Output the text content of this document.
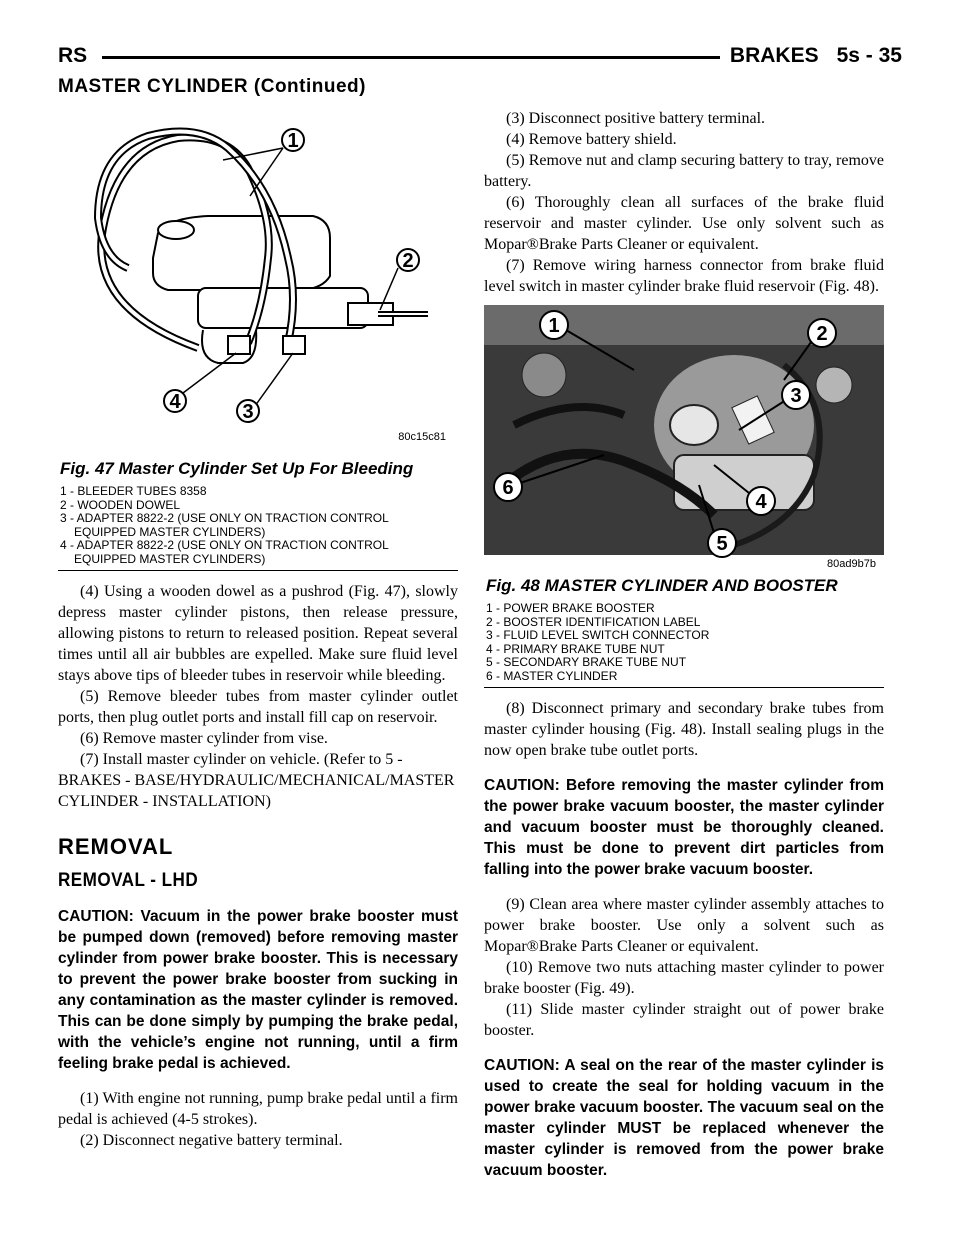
RS	BRAKES 5s - 35
MASTER CYLINDER (Continued)
1
2
3
4
80c15c81
Fig. 47 Master Cylinder Set Up For Bleeding
1 - BLEEDER TUBES 8358
2 - WOODEN DOWEL
3 - ADAPTER 8822-2 (USE ONLY ON TRACTION CONTROL
EQUIPPED MASTER CYLINDERS)
4 - ADAPTER 8822-2 (USE ONLY ON TRACTION CONTROL
EQUIPPED MASTER CYLINDERS)

(4) Using a wooden dowel as a pushrod (Fig. 47), slowly depress master cylinder pistons, then release pressure, allowing pistons to return to released position. Repeat several times until all air bubbles are expelled. Make sure fluid level stays above tips of bleeder tubes in reservoir while bleeding.

(5) Remove bleeder tubes from master cylinder outlet ports, then plug outlet ports and install fill cap on reservoir.

(6) Remove master cylinder from vise.

(7) Install master cylinder on vehicle. (Refer to 5 - BRAKES - BASE/HYDRAULIC/MECHANICAL/MASTER CYLINDER - INSTALLATION)

REMOVAL
REMOVAL - LHD
CAUTION: Vacuum in the power brake booster must be pumped down (removed) before removing master cylinder from power brake booster. This is necessary to prevent the power brake booster from sucking in any contamination as the master cylinder is removed. This can be done simply by pumping the brake pedal, with the vehicle’s engine not running, until a firm feeling brake pedal is achieved.

(1) With engine not running, pump brake pedal until a firm pedal is achieved (4-5 strokes).

(2) Disconnect negative battery terminal.

(3) Disconnect positive battery terminal.

(4) Remove battery shield.

(5) Remove nut and clamp securing battery to tray, remove battery.

(6) Thoroughly clean all surfaces of the brake fluid reservoir and master cylinder. Use only solvent such as Mopar®Brake Parts Cleaner or equivalent.

(7) Remove wiring harness connector from brake fluid level switch in master cylinder brake fluid reservoir (Fig. 48).

1	2
3
4
5
6
80ad9b7b
Fig. 48 MASTER CYLINDER AND BOOSTER
1 - POWER BRAKE BOOSTER
2 - BOOSTER IDENTIFICATION LABEL
3 - FLUID LEVEL SWITCH CONNECTOR
4 - PRIMARY BRAKE TUBE NUT
5 - SECONDARY BRAKE TUBE NUT
6 - MASTER CYLINDER

(8) Disconnect primary and secondary brake tubes from master cylinder housing (Fig. 48). Install sealing plugs in the now open brake tube outlet ports.

CAUTION: Before removing the master cylinder from the power brake vacuum booster, the master cylinder and vacuum booster must be thoroughly cleaned. This must be done to prevent dirt particles from falling into the power brake vacuum booster.

(9) Clean area where master cylinder assembly attaches to power brake booster. Use only a solvent such as Mopar®Brake Parts Cleaner or equivalent.

(10) Remove two nuts attaching master cylinder to power brake booster (Fig. 49).

(11) Slide master cylinder straight out of power brake booster.

CAUTION: A seal on the rear of the master cylinder is used to create the seal for holding vacuum in the power brake vacuum booster. The vacuum seal on the master cylinder MUST be replaced whenever the master cylinder is removed from the power brake vacuum booster.
